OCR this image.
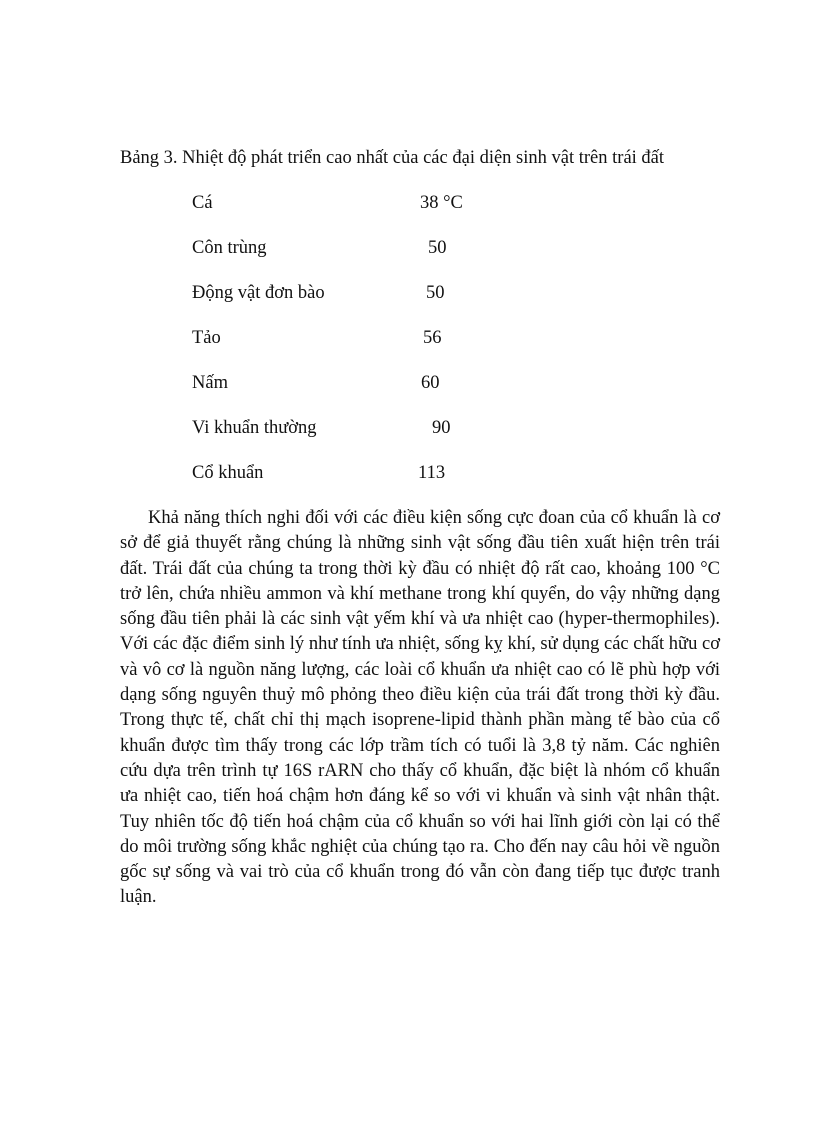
Bảng 3. Nhiệt độ phát triển cao nhất của các đại diện sinh vật trên trái đất
Cá	38 °C
Côn trùng	50
Động vật đơn bào	50
Tảo	56
Nấm	60
Vi khuẩn thường	90
Cổ khuẩn	113

Khả năng thích nghi đối với các điều kiện sống cực đoan của cổ khuẩn là cơ sở để giả thuyết rằng chúng là những sinh vật sống đầu tiên xuất hiện trên trái đất. Trái đất của chúng ta trong thời kỳ đầu có nhiệt độ rất cao, khoảng 100 °C trở lên, chứa nhiều ammon và khí methane trong khí quyển, do vậy những dạng sống đầu tiên phải là các sinh vật yếm khí và ưa nhiệt cao (hyper-thermophiles). Với các đặc điểm sinh lý như tính ưa nhiệt, sống kỵ khí, sử dụng các chất hữu cơ và vô cơ là nguồn năng lượng, các loài cổ khuẩn ưa nhiệt cao có lẽ phù hợp với dạng sống nguyên thuỷ mô phỏng theo điều kiện của trái đất trong thời kỳ đầu. Trong thực tế, chất chỉ thị mạch isoprene-lipid thành phần màng tế bào của cổ khuẩn được tìm thấy trong các lớp trầm tích có tuổi là 3,8 tỷ năm. Các nghiên cứu dựa trên trình tự 16S rARN cho thấy cổ khuẩn, đặc biệt là nhóm cổ khuẩn ưa nhiệt cao, tiến hoá chậm hơn đáng kể so với vi khuẩn và sinh vật nhân thật. Tuy nhiên tốc độ tiến hoá chậm của cổ khuẩn so với hai lĩnh giới còn lại có thể do môi trường sống khắc nghiệt của chúng tạo ra. Cho đến nay câu hỏi về nguồn gốc sự sống và vai trò của cổ khuẩn trong đó vẫn còn đang tiếp tục được tranh luận.
